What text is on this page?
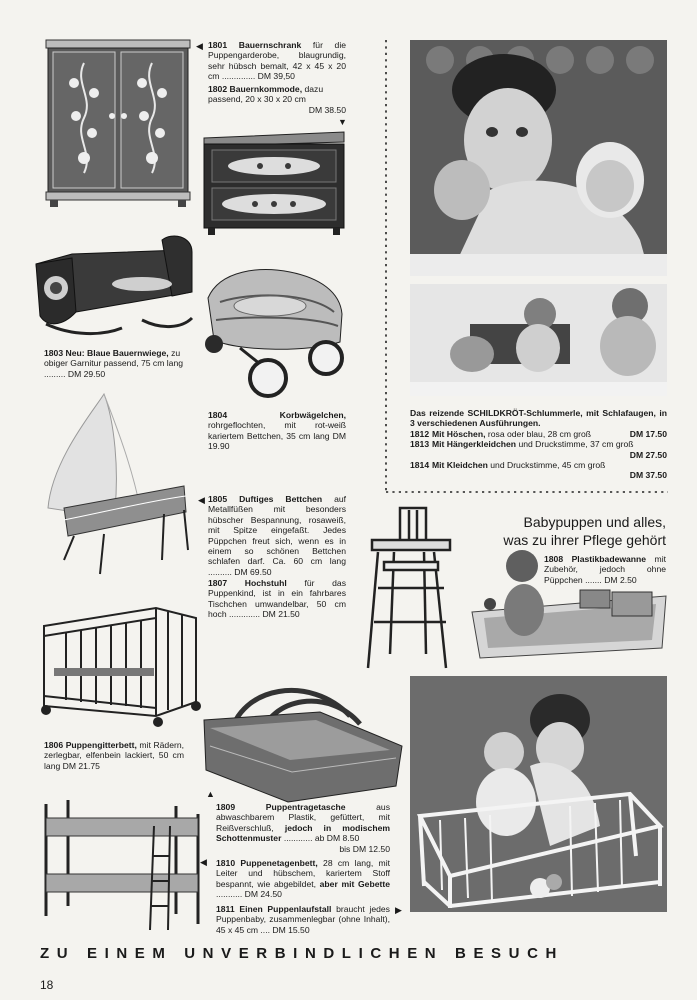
◀
▼
◀
▲
◀
▶
1801 Bauernschrank für die Puppengarderobe, blaugrundig, sehr hübsch bemalt, 42 x 45 x 20 cm .............. DM 39,50
1802 Bauernkommode, dazu passend, 20 x 30 x 20 cm
DM 38.50
1803 Neu: Blaue Bauernwiege, zu obiger Garnitur passend, 75 cm lang ......... DM 29.50
1804	Korbwägelchen, rohrgeflochten, mit rot-weiß kariertem Bettchen, 35 cm lang DM 19.90
Das reizende SCHILDKRÖT-Schlummerle, mit Schlafaugen, in 3 verschiedenen Ausführungen.
1812 Mit Höschen, rosa oder blau, 28 cm groß	DM 17.50
1813 Mit Hängerkleidchen und Druckstimme, 37 cm groß
DM 27.50
1814 Mit Kleidchen und Druckstimme, 45 cm groß
DM 37.50
1805 Duftiges Bettchen auf Metallfüßen mit besonders hübscher Bespannung, rosaweiß, mit Spitze eingefaßt. Jedes Püppchen freut sich, wenn es in einem so schönen Bettchen schlafen darf. Ca. 60 cm lang .......... DM 69.50
Babypuppen und alles,
was zu ihrer Pflege gehört
1808 Plastikbadewanne mit Zubehör, jedoch ohne Püppchen ....... DM 2.50
1807 Hochstuhl für das Puppenkind, ist in ein fahrbares Tischchen umwandelbar, 50 cm hoch ............. DM 21.50
1806 Puppengitterbett, mit Rädern, zerlegbar, elfenbein lackiert, 50 cm lang DM 21.75
1809	Puppentragetasche	aus abwaschbarem Plastik, gefüttert, mit Reißverschluß, jedoch in modischem Schottenmuster ............ ab DM 8.50
bis DM 12.50
1810 Puppenetagenbett, 28 cm lang, mit Leiter und hübschem, kariertem Stoff bespannt, wie abgebildet, aber mit Gebette ........... DM 24.50
1811 Einen Puppenlaufstall braucht jedes Puppenbaby, zusammenlegbar (ohne Inhalt), 45 x 45 cm .... DM 15.50
ZU EINEM UNVERBINDLICHEN BESUCH
18
